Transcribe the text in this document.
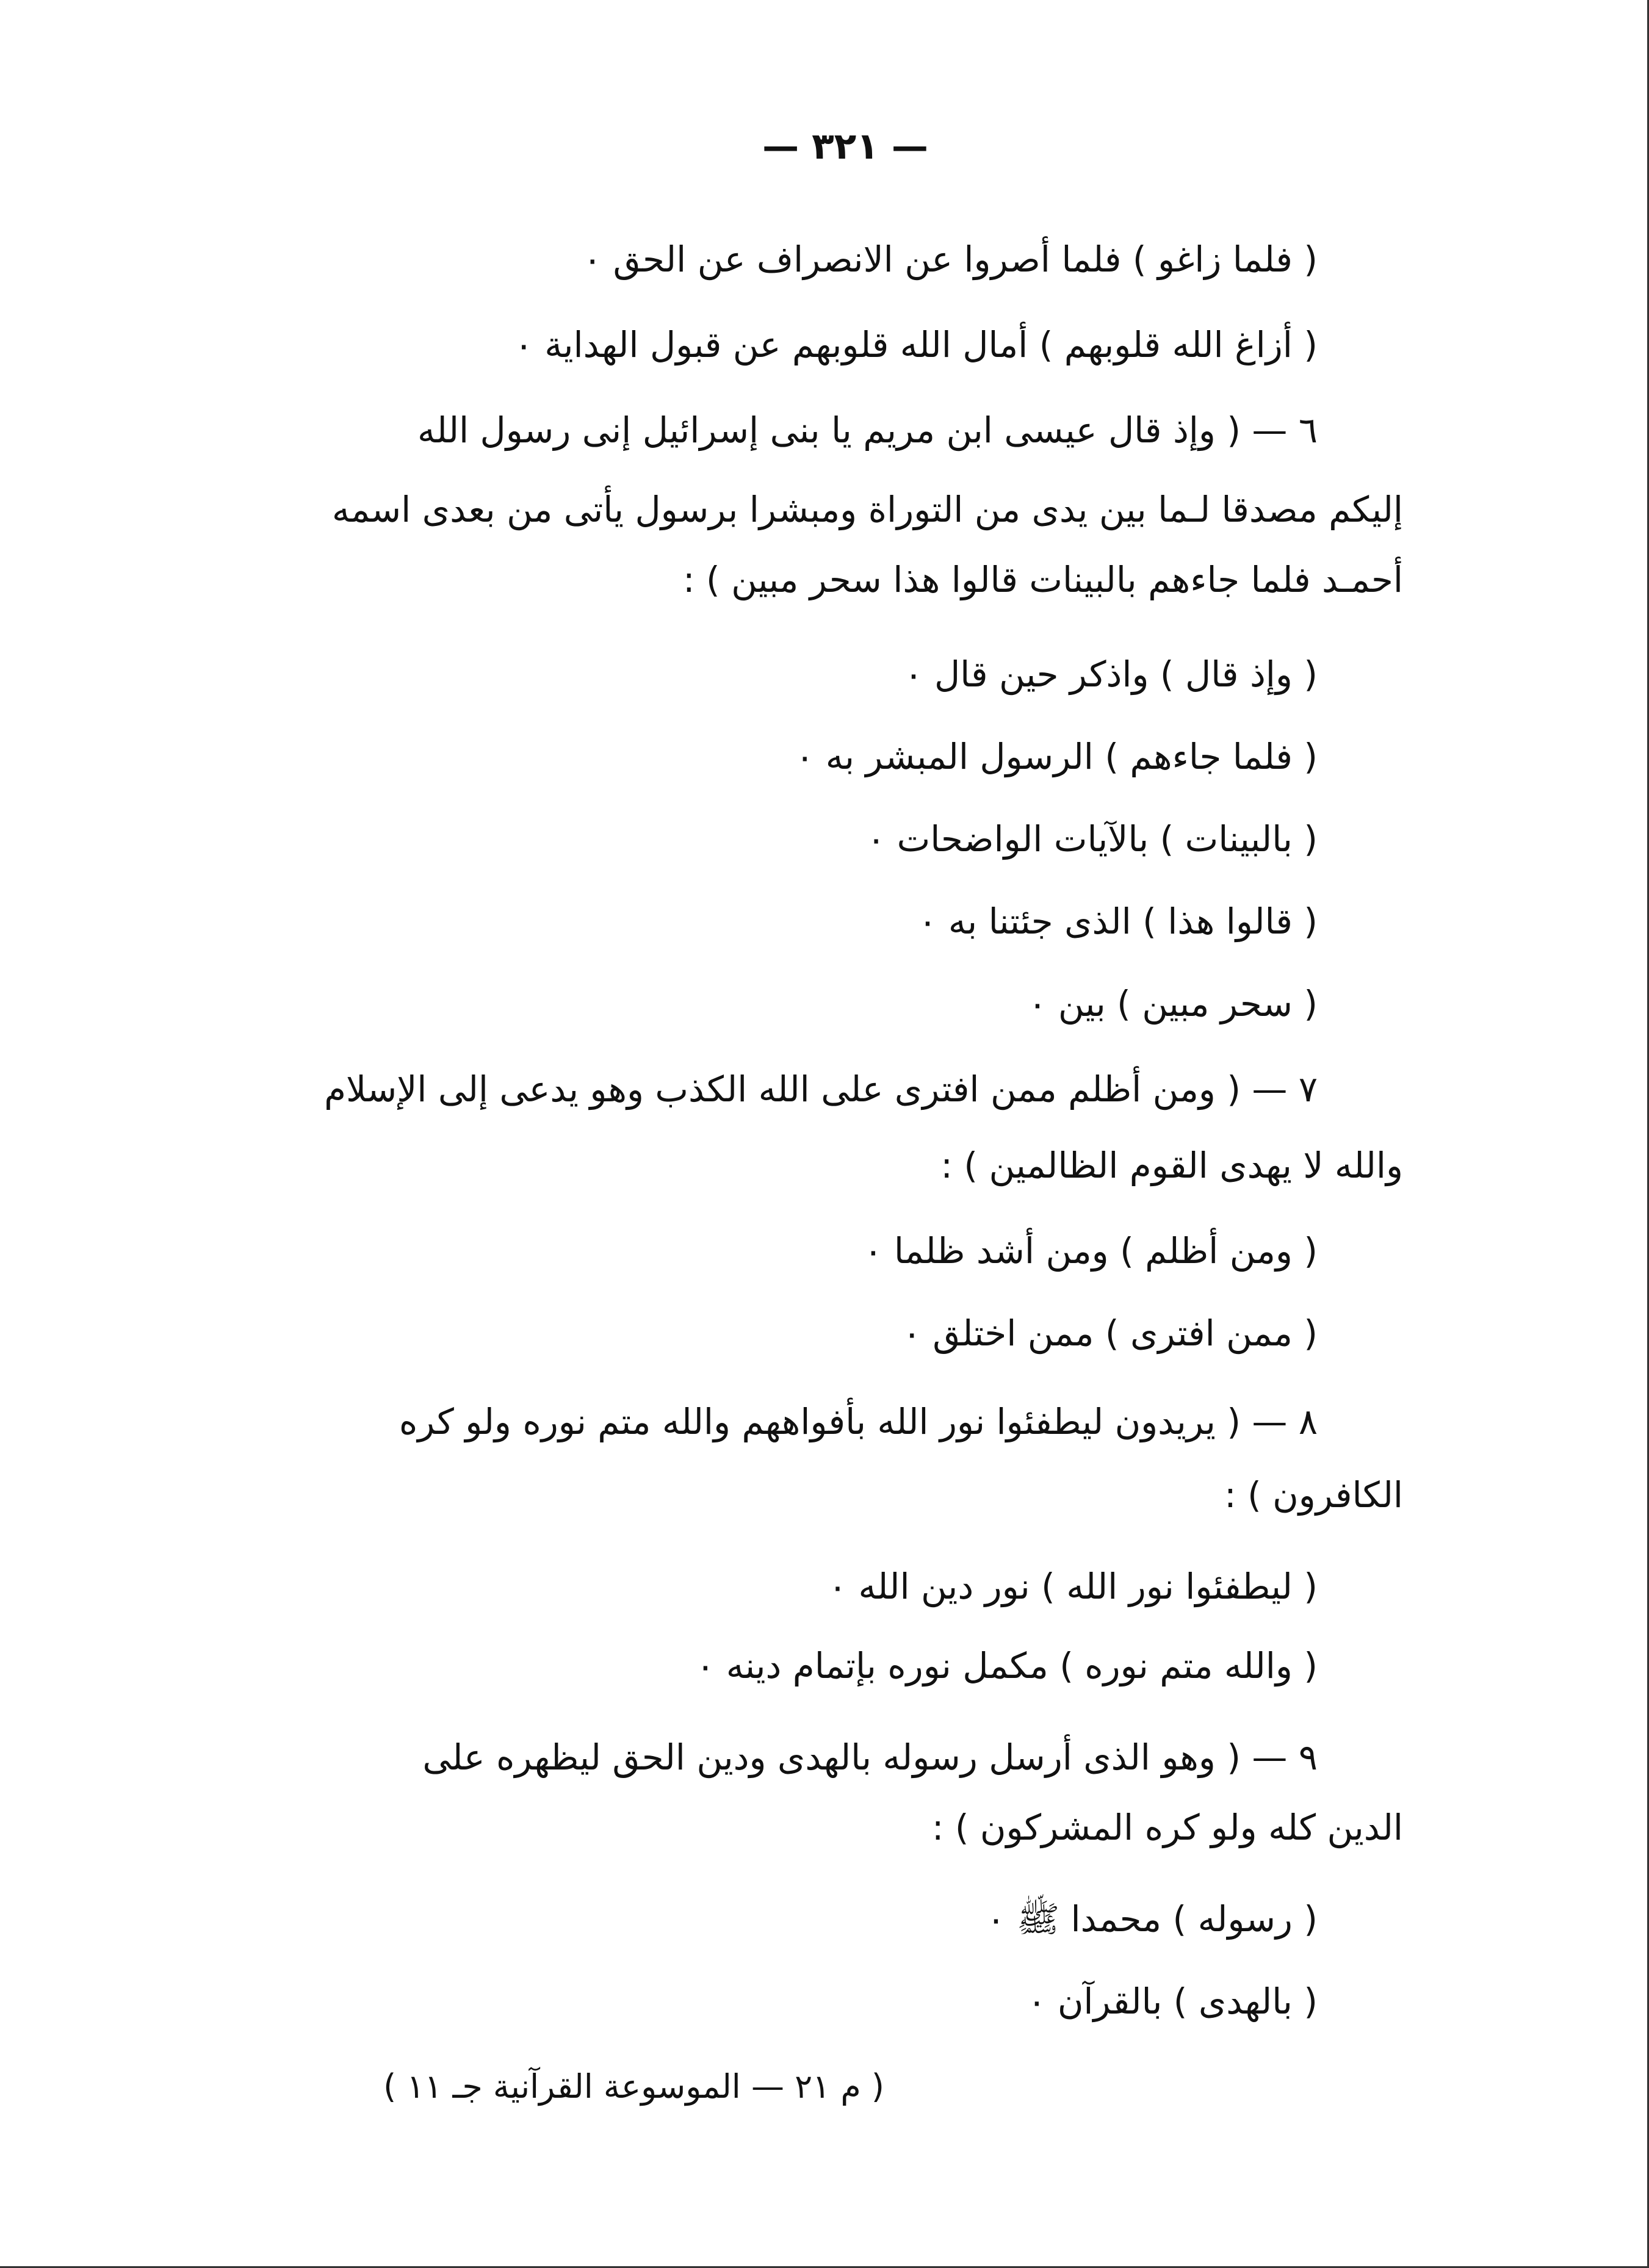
— ٣٢١ —
( فلما زاغو ) فلما أصروا عن الانصراف عن الحق ٠
( أزاغ الله قلوبهم ) أمال الله قلوبهم عن قبول الهداية ٠
٦ — ( وإذ قال عيسى ابن مريم يا بنى إسرائيل إنى رسول الله
إليكم مصدقا لـما بين يدى من التوراة ومبشرا برسول يأتى من بعدى اسمه
أحمـد فلما جاءهم بالبينات قالوا هذا سحر مبين ) :
( وإذ قال ) واذكر حين قال ٠
( فلما جاءهم ) الرسول المبشر به ٠
( بالبينات ) بالآيات الواضحات ٠
( قالوا هذا ) الذى جئتنا به ٠
( سحر مبين ) بين ٠
٧ — ( ومن أظلم ممن افترى على الله الكذب وهو يدعى إلى الإسلام
والله لا يهدى القوم الظالمين ) :
( ومن أظلم ) ومن أشد ظلما ٠
( ممن افترى ) ممن اختلق ٠
٨ — ( يريدون ليطفئوا نور الله بأفواههم والله متم نوره ولو كره
الكافرون ) :
( ليطفئوا نور الله ) نور دين الله ٠
( والله متم نوره ) مكمل نوره بإتمام دينه ٠
٩ — ( وهو الذى أرسل رسوله بالهدى ودين الحق ليظهره على
الدين كله ولو كره المشركون ) :
( رسوله ) محمدا ﷺ ٠
( بالهدى ) بالقرآن ٠
( م ٢١ — الموسوعة القرآنية جـ ١١ )
